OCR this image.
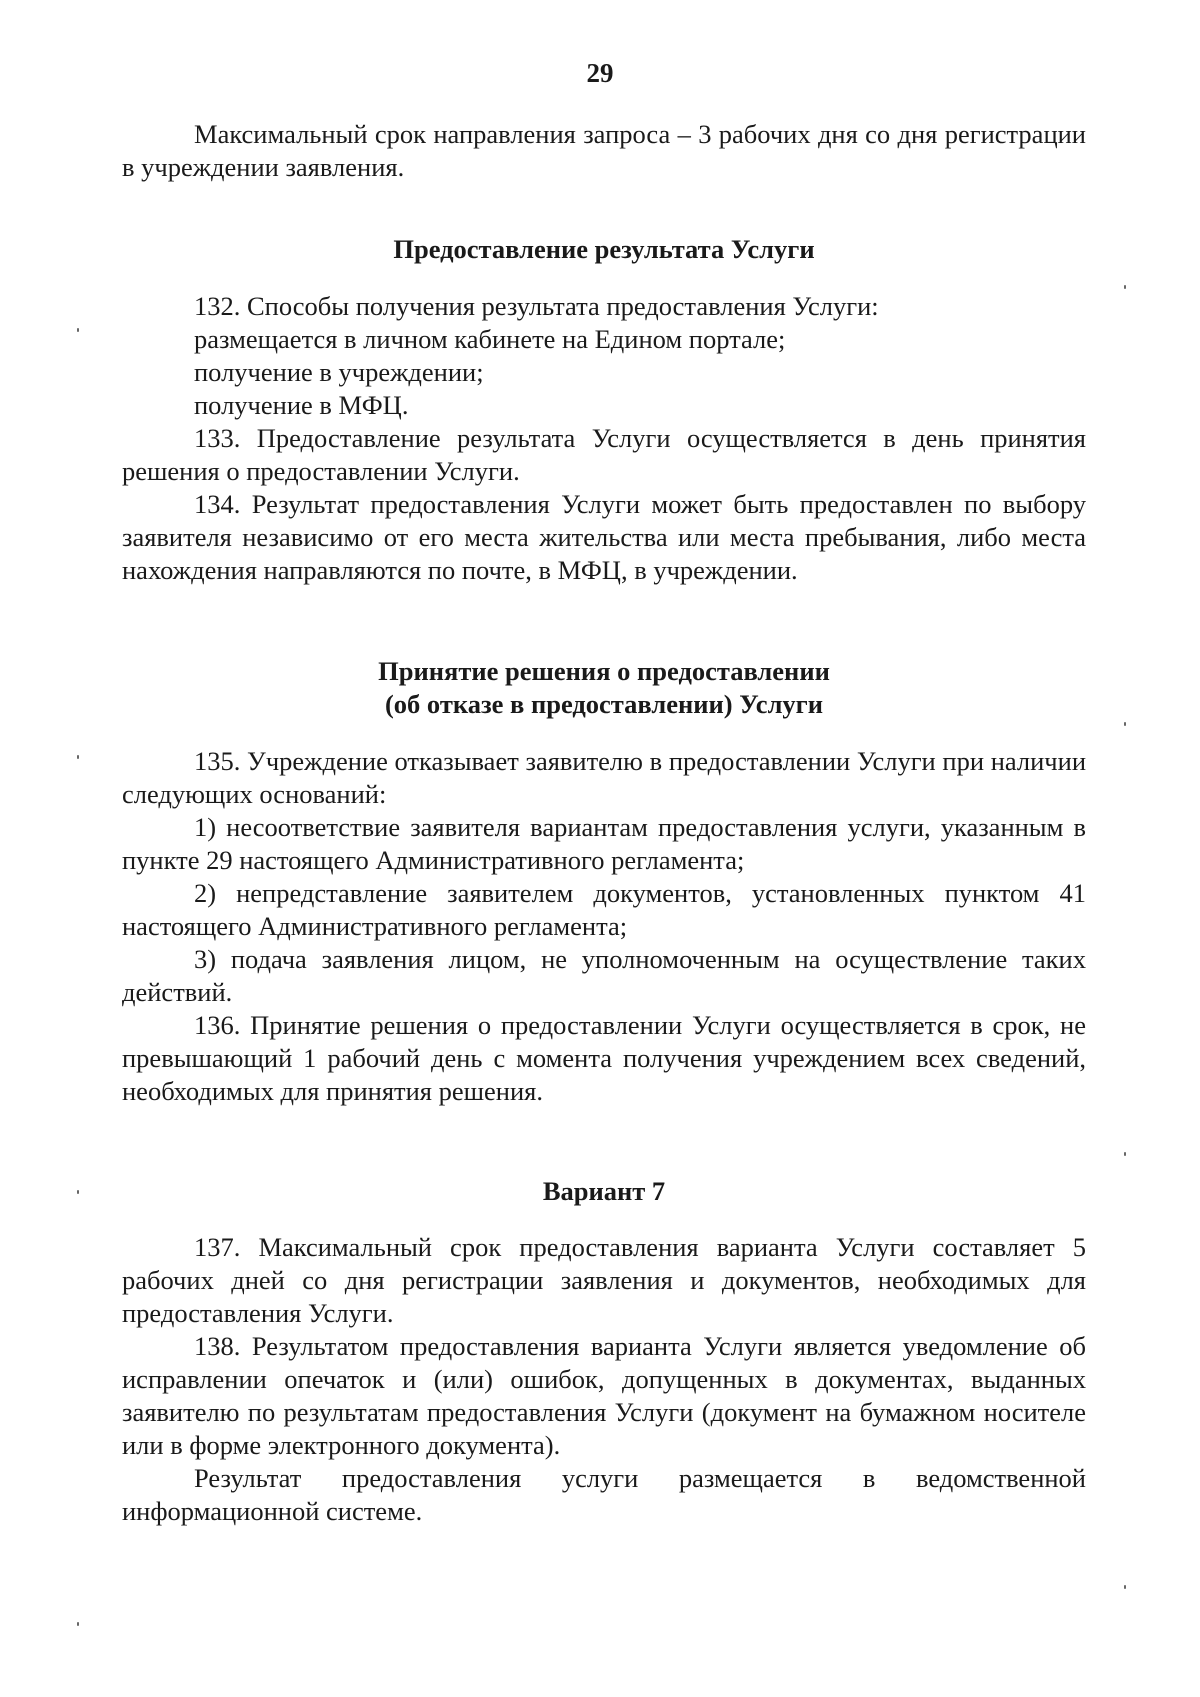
29

Максимальный срок направления запроса – 3 рабочих дня со дня регистрации в учреждении заявления.

Предоставление результата Услуги

132. Способы получения результата предоставления Услуги:

размещается в личном кабинете на Едином портале;

получение в учреждении;

получение в МФЦ.

133. Предоставление результата Услуги осуществляется в день принятия решения о предоставлении Услуги.

134. Результат предоставления Услуги может быть предоставлен по выбору заявителя независимо от его места жительства или места пребывания, либо места нахождения направляются по почте, в МФЦ, в учреждении.

Принятие решения о предоставлении
(об отказе в предоставлении) Услуги

135. Учреждение отказывает заявителю в предоставлении Услуги при наличии следующих оснований:

1) несоответствие заявителя вариантам предоставления услуги, указанным в пункте 29 настоящего Административного регламента;

2) непредставление заявителем документов, установленных пунктом 41 настоящего Административного регламента;

3) подача заявления лицом, не уполномоченным на осуществление таких действий.

136. Принятие решения о предоставлении Услуги осуществляется в срок, не превышающий 1 рабочий день с момента получения учреждением всех сведений, необходимых для принятия решения.

Вариант 7

137. Максимальный срок предоставления варианта Услуги составляет 5 рабочих дней со дня регистрации заявления и документов, необходимых для предоставления Услуги.

138. Результатом предоставления варианта Услуги является уведомление об исправлении опечаток и (или) ошибок, допущенных в документах, выданных заявителю по результатам предоставления Услуги (документ на бумажном носителе или в форме электронного документа).

Результат предоставления услуги размещается в ведомственной информационной системе.
